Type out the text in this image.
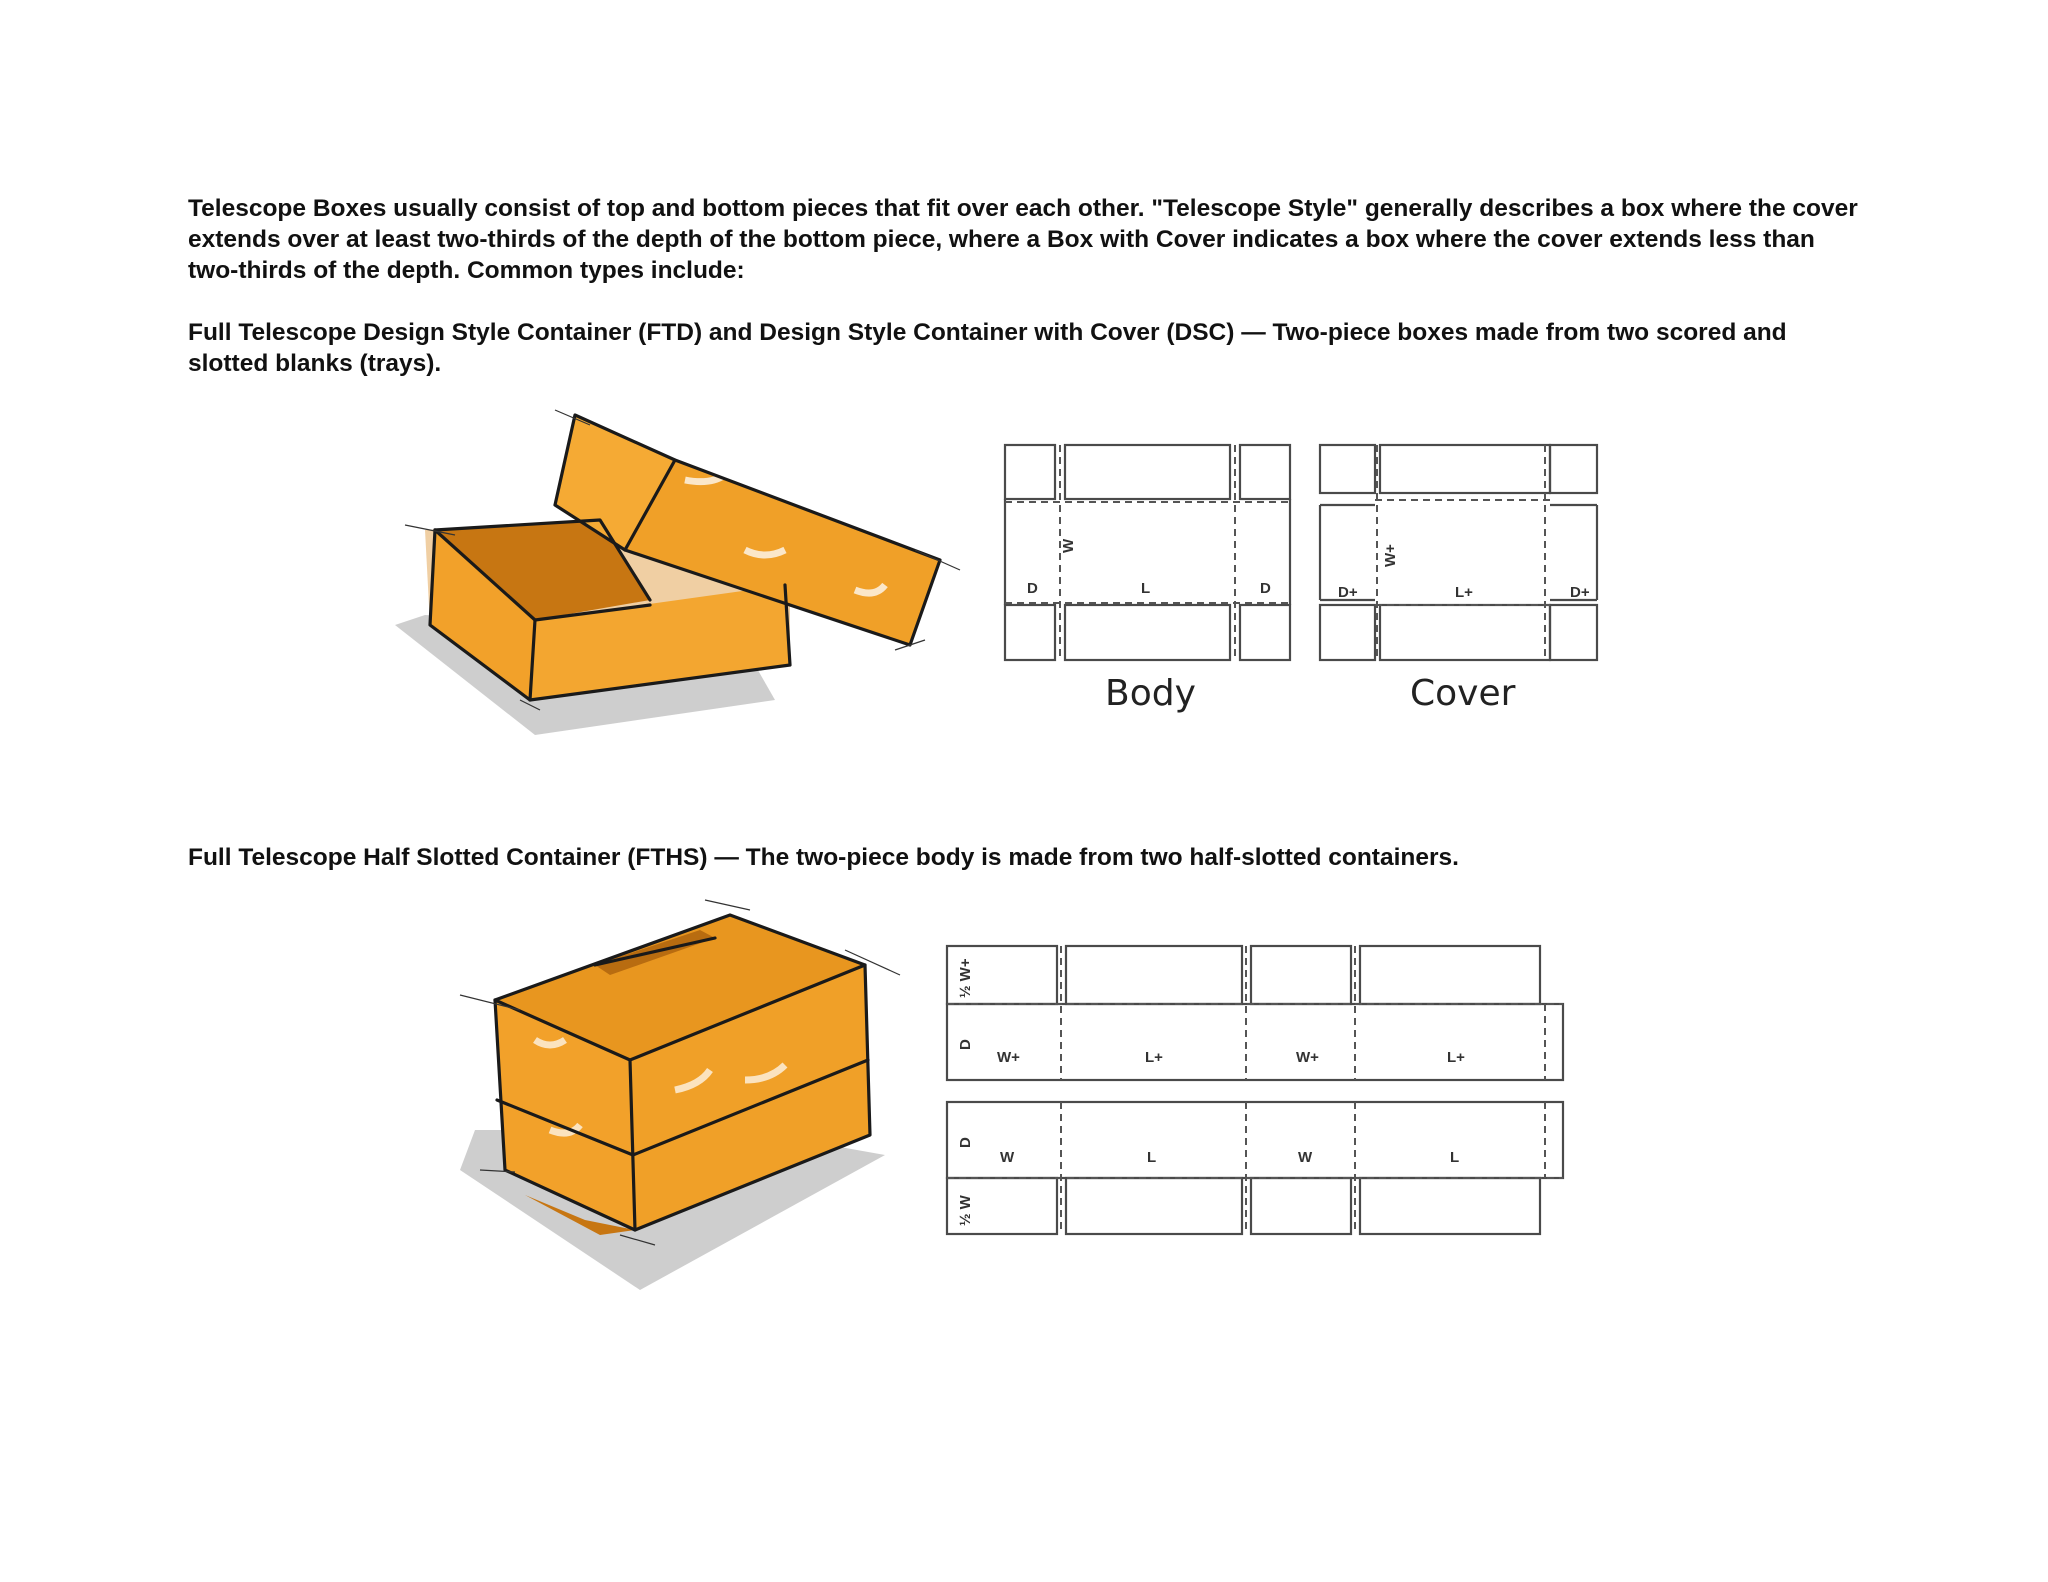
Telescope Boxes usually consist of top and bottom pieces that fit over each other. "Telescope Style" generally describes a box where the cover extends over at least two-thirds of the depth of the bottom piece, where a Box with Cover indicates a box where the cover extends less than two-thirds of the depth. Common types include:

Full Telescope Design Style Container (FTD) and Design Style Container with Cover (DSC) — Two-piece boxes made from two scored and slotted blanks (trays).

Full Telescope Half Slotted Container (FTHS) — The two-piece body is made from two half-slotted containers.

D
W
L	D
Body
D+
W+
L+	D+
Cover
½ W+
D
W+	L+	W+	L+
D
½ W
W	L	W	L
